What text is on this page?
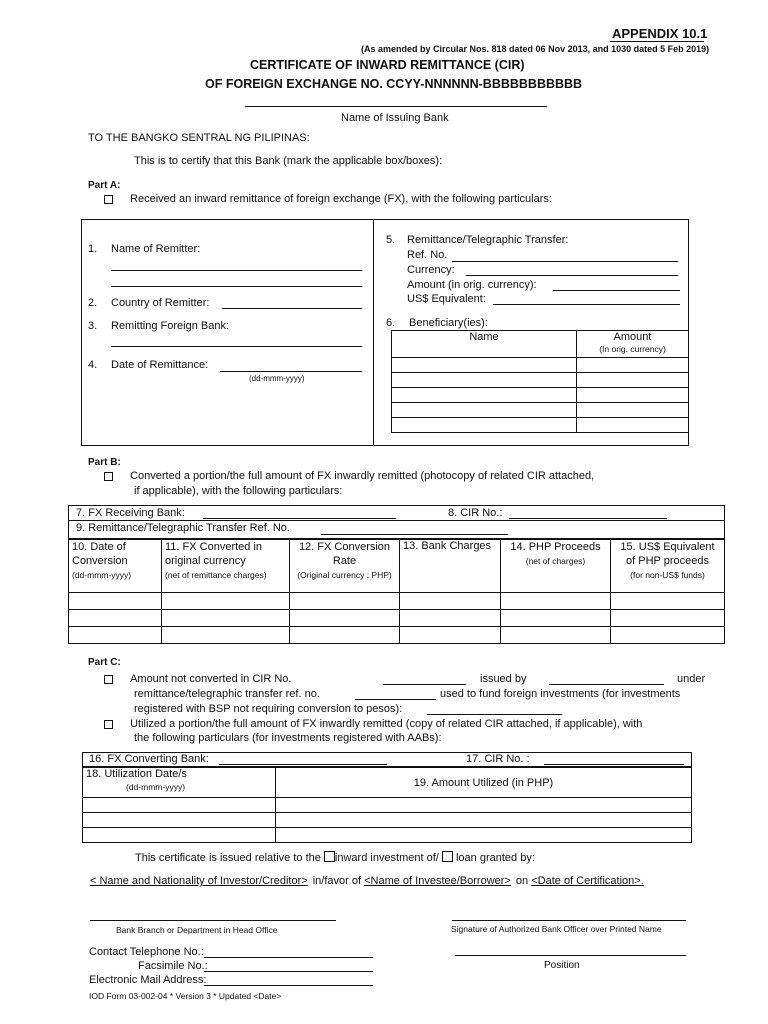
APPENDIX 10.1
(As amended by Circular Nos. 818 dated 06 Nov 2013, and 1030 dated 5 Feb 2019)
CERTIFICATE OF INWARD REMITTANCE (CIR)
OF FOREIGN EXCHANGE NO. CCYY-NNNNNN-BBBBBBBBBBB
Name of Issuing Bank
TO THE BANGKO SENTRAL NG PILIPINAS:
This is to certify that this Bank (mark the applicable box/boxes):
Part A:
Received an inward remittance of foreign exchange (FX), with the following particulars:
1. Name of Remitter:
2. Country of Remitter:
3. Remitting Foreign Bank:
4. Date of Remittance:
(dd-mmm-yyyy)
5. Remittance/Telegraphic Transfer:
Ref. No.
Currency:
Amount (in orig. currency):
US$ Equivalent:
6. Beneficiary(ies):
Name	Amount
(In orig. currency)

Part B:
Converted a portion/the full amount of FX inwardly remitted (photocopy of related CIR attached,
if applicable), with the following particulars:
7. FX Receiving Bank:	8. CIR No.:
9. Remittance/Telegraphic Transfer Ref. No.
10. Date of
Conversion
(dd-mmm-yyyy)	11. FX Converted in
original currency
(net of remittance charges)	12. FX Conversion
Rate
(Original currency : PHP)	13. Bank Charges	14. PHP Proceeds
(net of charges)	15. US$ Equivalent
of PHP proceeds
(for non-US$ funds)

Part C:
Amount not converted in CIR No.	issued by	under
remittance/telegraphic transfer ref. no.	used to fund foreign investments (for investments
registered with BSP not requiring conversion to pesos):
Utilized a portion/the full amount of FX inwardly remitted (copy of related CIR attached, if applicable), with
the following particulars (for investments registered with AABs):
16. FX Converting Bank:	17. CIR No. :
18. Utilization Date/s
(dd-mmm-yyyy)	19. Amount Utilized (in PHP)

This certificate is issued relative to the inward investment of/ loan granted by:
< Name and Nationality of Investor/Creditor> in/favor of <Name of Investee/Borrower> on <Date of Certification>.
Bank Branch or Department in Head Office	Signature of Authorized Bank Officer over Printed Name
Contact Telephone No.:
Facsimile No.:
Electronic Mail Address:
Position
IOD Form 03-002-04 * Version 3 * Updated <Date>
